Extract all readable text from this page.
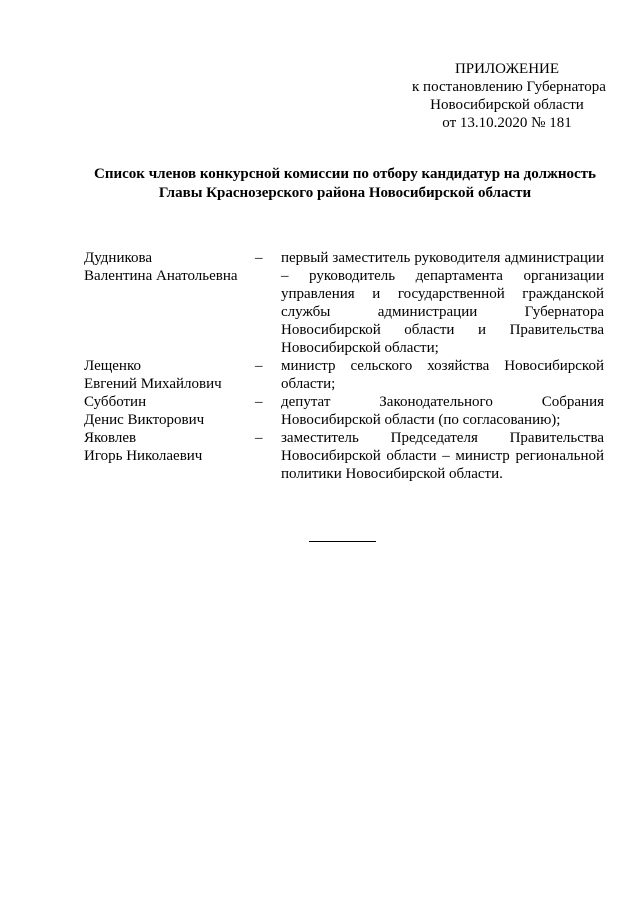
ПРИЛОЖЕНИЕ
к постановлению Губернатора
Новосибирской области
от 13.10.2020 № 181
Список членов конкурсной комиссии по отбору кандидатур на должность
Главы Краснозерского района Новосибирской области
Дудникова
Валентина Анатольевна
–	первый заместитель руководителя администрации – руководитель департамента организации управления и государственной гражданской службы администрации Губернатора Новосибирской области и Правительства Новосибирской области;
Лещенко
Евгений Михайлович
–	министр сельского хозяйства Новосибирской области;
Субботин
Денис Викторович
–	депутат Законодательного Собрания Новосибирской области (по согласованию);
Яковлев
Игорь Николаевич
–	заместитель Председателя Правительства Новосибирской области – министр региональной политики Новосибирской области.
